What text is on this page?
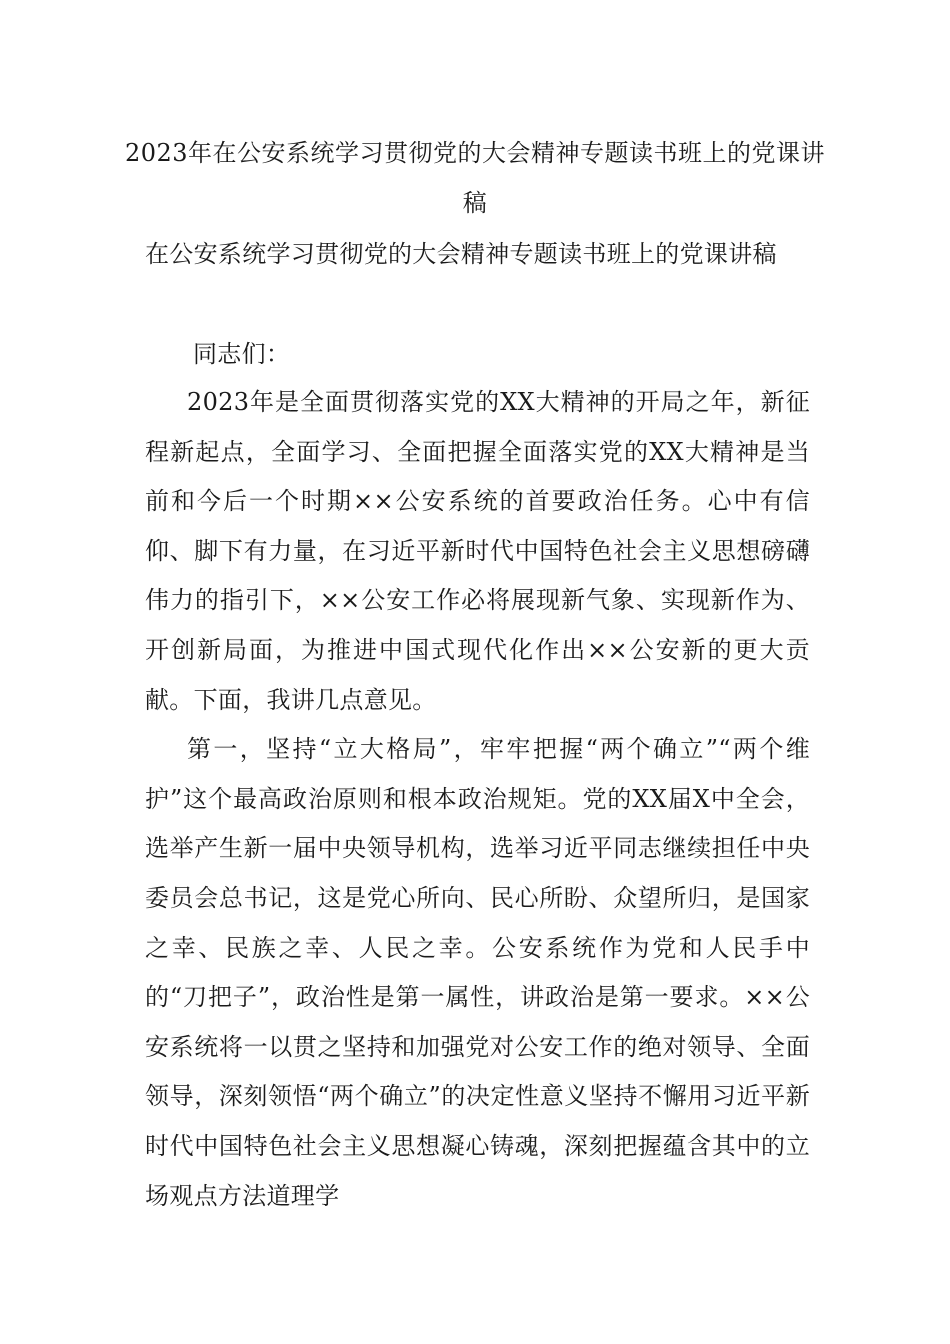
2023年在公安系统学习贯彻党的大会精神专题读书班上的党课讲稿
在公安系统学习贯彻党的大会精神专题读书班上的党课讲稿
同志们：

2023年是全面贯彻落实党的XX大精神的开局之年，新征程新起点，全面学习、全面把握全面落实党的XX大精神是当前和今后一个时期××公安系统的首要政治任务。心中有信仰、脚下有力量，在习近平新时代中国特色社会主义思想磅礴伟力的指引下，××公安工作必将展现新气象、实现新作为、开创新局面，为推进中国式现代化作出××公安新的更大贡献。下面，我讲几点意见。

第一，坚持“立大格局”，牢牢把握“两个确立”“两个维护”这个最高政治原则和根本政治规矩。党的XX届X中全会，选举产生新一届中央领导机构，选举习近平同志继续担任中央委员会总书记，这是党心所向、民心所盼、众望所归，是国家之幸、民族之幸、人民之幸。公安系统作为党和人民手中的“刀把子”，政治性是第一属性，讲政治是第一要求。××公安系统将一以贯之坚持和加强党对公安工作的绝对领导、全面领导，深刻领悟“两个确立”的决定性意义坚持不懈用习近平新时代中国特色社会主义思想凝心铸魂，深刻把握蕴含其中的立场观点方法道理学
